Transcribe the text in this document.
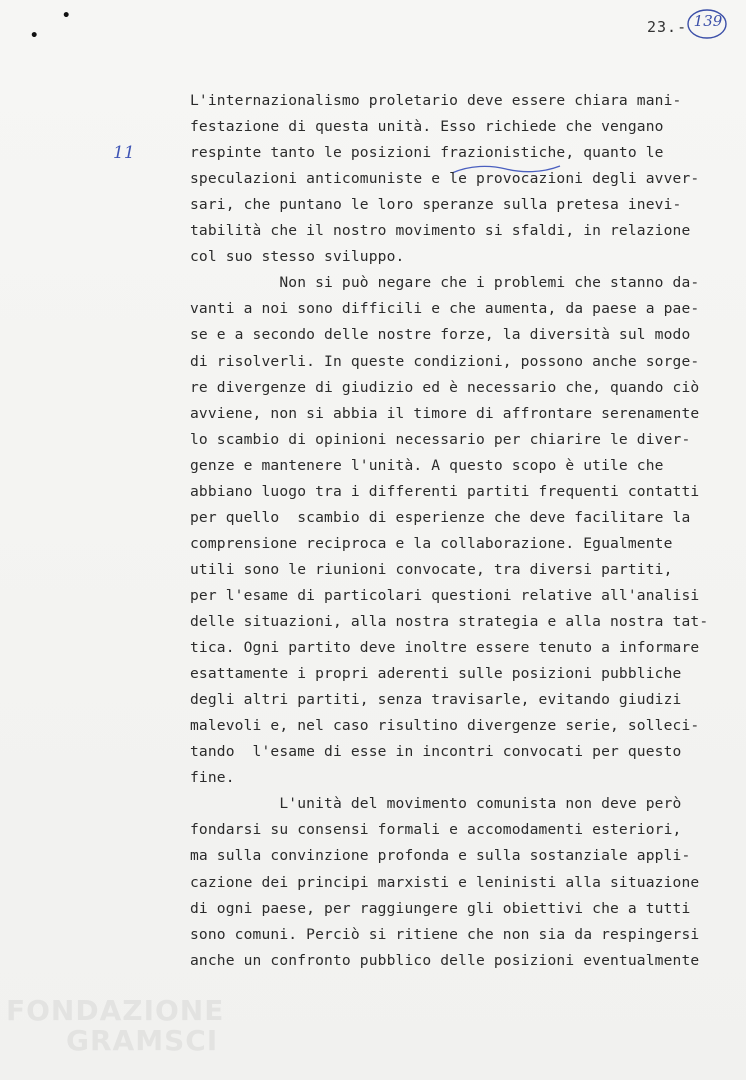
•
•	23.- 139
11
L'internazionalismo proletario deve essere chiara mani-
festazione di questa unità. Esso richiede che vengano
respinte tanto le posizioni frazionistiche, quanto le
speculazioni anticomuniste e le provocazioni degli avver-
sari, che puntano le loro speranze sulla pretesa inevi-
tabilità che il nostro movimento si sfaldi, in relazione
col suo stesso sviluppo.
Non si può negare che i problemi che stanno da-
vanti a noi sono difficili e che aumenta, da paese a pae-
se e a secondo delle nostre forze, la diversità sul modo
di risolverli. In queste condizioni, possono anche sorge-
re divergenze di giudizio ed è necessario che, quando ciò
avviene, non si abbia il timore di affrontare serenamente
lo scambio di opinioni necessario per chiarire le diver-
genze e mantenere l'unità. A questo scopo è utile che
abbiano luogo tra i differenti partiti frequenti contatti
per quello  scambio di esperienze che deve facilitare la
comprensione reciproca e la collaborazione. Egualmente
utili sono le riunioni convocate, tra diversi partiti,
per l'esame di particolari questioni relative all'analisi
delle situazioni, alla nostra strategia e alla nostra tat-
tica. Ogni partito deve inoltre essere tenuto a informare
esattamente i propri aderenti sulle posizioni pubbliche
degli altri partiti, senza travisarle, evitando giudizi
malevoli e, nel caso risultino divergenze serie, solleci-
tando  l'esame di esse in incontri convocati per questo
fine.
L'unità del movimento comunista non deve però
fondarsi su consensi formali e accomodamenti esteriori,
ma sulla convinzione profonda e sulla sostanziale appli-
cazione dei principi marxisti e leninisti alla situazione
di ogni paese, per raggiungere gli obiettivi che a tutti
sono comuni. Perciò si ritiene che non sia da respingersi
anche un confronto pubblico delle posizioni eventualmente
FONDAZIONE
GRAMSCI
